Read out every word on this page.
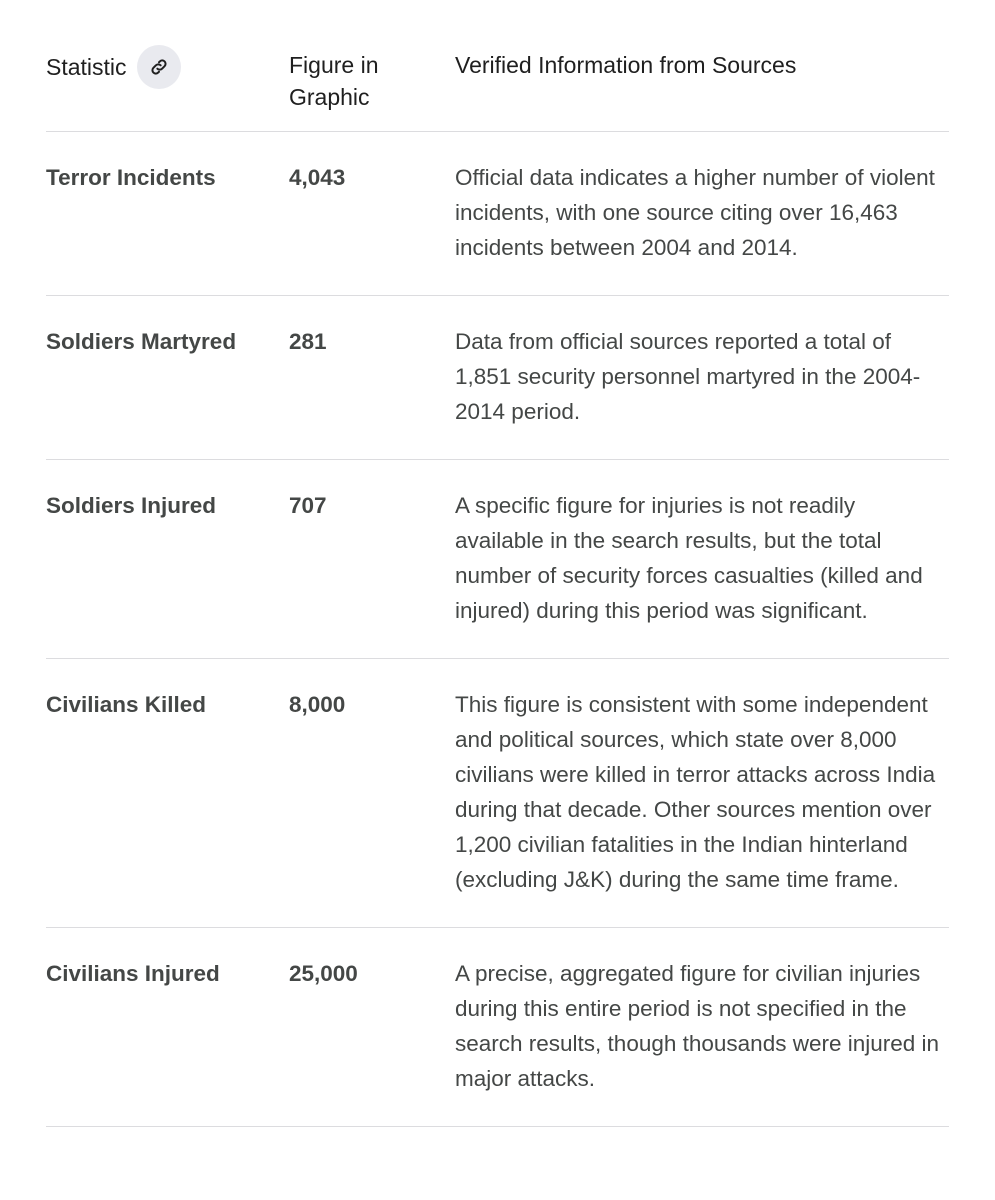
Statistic	Figure in Graphic	Verified Information from Sources
Terror Incidents	4,043	Official data indicates a higher number of violent incidents, with one source citing over 16,463 incidents between 2004 and 2014.
Soldiers Martyred	281	Data from official sources reported a total of 1,851 security personnel martyred in the 2004-2014 period.
Soldiers Injured	707	A specific figure for injuries is not readily available in the search results, but the total number of security forces casualties (killed and injured) during this period was significant.
Civilians Killed	8,000	This figure is consistent with some independent and political sources, which state over 8,000 civilians were killed in terror attacks across India during that decade. Other sources mention over 1,200 civilian fatalities in the Indian hinterland (excluding J&K) during the same time frame.
Civilians Injured	25,000	A precise, aggregated figure for civilian injuries during this entire period is not specified in the search results, though thousands were injured in major attacks.
